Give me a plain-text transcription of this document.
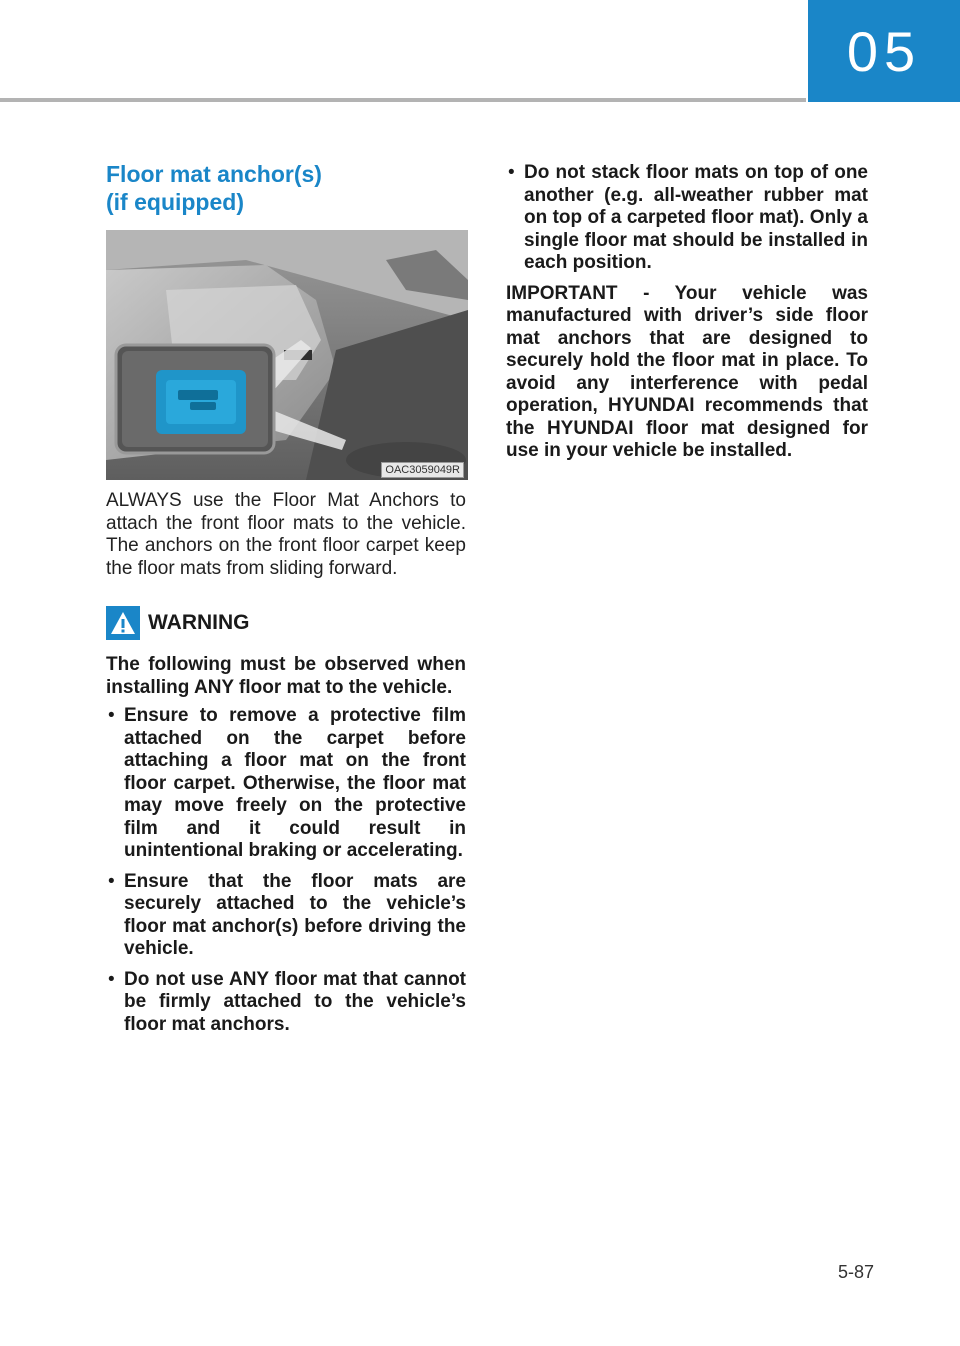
05
Floor mat anchor(s)
(if equipped)
OAC3059049R

ALWAYS use the Floor Mat Anchors to attach the front floor mats to the vehicle. The anchors on the front floor carpet keep the floor mats from sliding forward.

WARNING

The following must be observed when installing ANY floor mat to the vehicle.

• Ensure to remove a protective film attached on the carpet before attaching a floor mat on the front floor carpet. Otherwise, the floor mat may move freely on the protective film and it could result in unintentional braking or accelerating.
• Ensure that the floor mats are securely attached to the vehicle’s floor mat anchor(s) before driving the vehicle.
• Do not use ANY floor mat that cannot be firmly attached to the vehicle’s floor mat anchors.
• Do not stack floor mats on top of one another (e.g. all-weather rubber mat on top of a carpeted floor mat). Only a single floor mat should be installed in each position.

IMPORTANT - Your vehicle was manufactured with driver’s side floor mat anchors that are designed to securely hold the floor mat in place. To avoid any interference with pedal operation, HYUNDAI recommends that the HYUNDAI floor mat designed for use in your vehicle be installed.

5-87
